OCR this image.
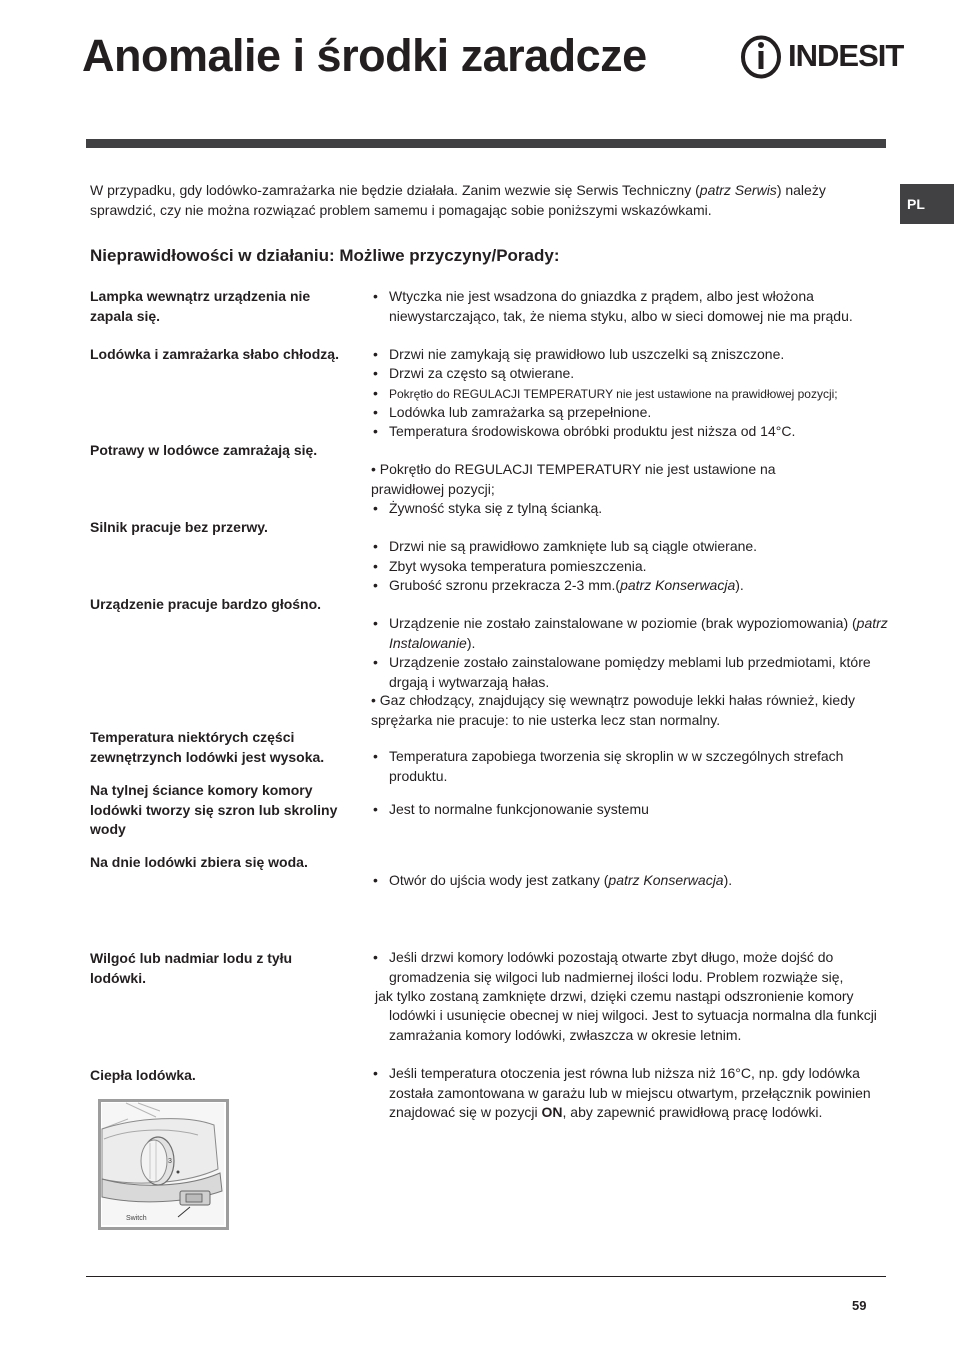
Anomalie i środki zaradcze	INDESIT
PL

W przypadku, gdy lodówko-zamrażarka nie będzie działała. Zanim wezwie się Serwis Techniczny (patrz Serwis) należy sprawdzić, czy nie można rozwiązać problem samemu i pomagając sobie poniższymi wskazówkami.

Nieprawidłowości w działaniu: Możliwe przyczyny/Porady:

Lampka wewnątrz urządzenia nie zapala się.

Lodówka i zamrażarka słabo chłodzą.

Potrawy w lodówce zamrażają się.

Silnik pracuje bez przerwy.

Urządzenie pracuje bardzo głośno.

Temperatura niektórych części zewnętrzynch lodówki jest wysoka.

Na tylnej ściance komory komory lodówki tworzy się szron lub skroliny wody

Na dnie lodówki zbiera się woda.

Wilgoć lub nadmiar lodu z tyłu lodówki.

Ciepła lodówka.

• Wtyczka nie jest wsadzona do gniazdka z prądem, albo jest włożona niewystarczająco, tak, że niema styku, albo w sieci domowej nie ma prądu.

• Drzwi nie zamykają się prawidłowo lub uszczelki są zniszczone.

• Drzwi za często są otwierane.

• Pokrętło do REGULACJI TEMPERATURY nie jest ustawione na prawidłowej pozycji;

• Lodówka lub zamrażarka są przepełnione.

• Temperatura środowiskowa obróbki produktu jest niższa od 14°C.

• Pokrętło do REGULACJI TEMPERATURY nie jest ustawione na prawidłowej pozycji;

• Żywność styka się z tylną ścianką.

• Drzwi nie są prawidłowo zamknięte lub są ciągle otwierane.

• Zbyt wysoka temperatura pomieszczenia.

• Grubość szronu przekracza 2-3 mm.(patrz Konserwacja).

• Urządzenie nie zostało zainstalowane w poziomie (brak wypoziomowania) (patrz Instalowanie).

• Urządzenie zostało zainstalowane pomiędzy meblami lub przedmiotami, które drgają i wytwarzają hałas.

• Gaz chłodzący, znajdujący się wewnątrz powoduje lekki hałas również, kiedy sprężarka nie pracuje: to nie usterka lecz stan normalny.

• Temperatura zapobiega tworzenia się skroplin w w szczególnych strefach produktu.

• Jest to normalne funkcjonowanie systemu

• Otwór do ujścia wody jest zatkany (patrz Konserwacja).

• Jeśli drzwi komory lodówki pozostają otwarte zbyt długo, może dojść do gromadzenia się wilgoci lub nadmiernej ilości lodu. Problem rozwiąże się,

jak tylko zostaną zamknięte drzwi, dzięki czemu nastąpi odszronienie komory

lodówki i usunięcie obecnej w niej wilgoci. Jest to sytuacja normalna dla funkcji zamrażania komory lodówki, zwłaszcza w okresie letnim.

• Jeśli temperatura otoczenia jest równa lub niższa niż 16°C, np. gdy lodówka została zamontowana w garażu lub w miejscu otwartym, przełącznik powinien znajdować się w pozycji ON, aby zapewnić prawidłową pracę lodówki.

3
Switch
59
